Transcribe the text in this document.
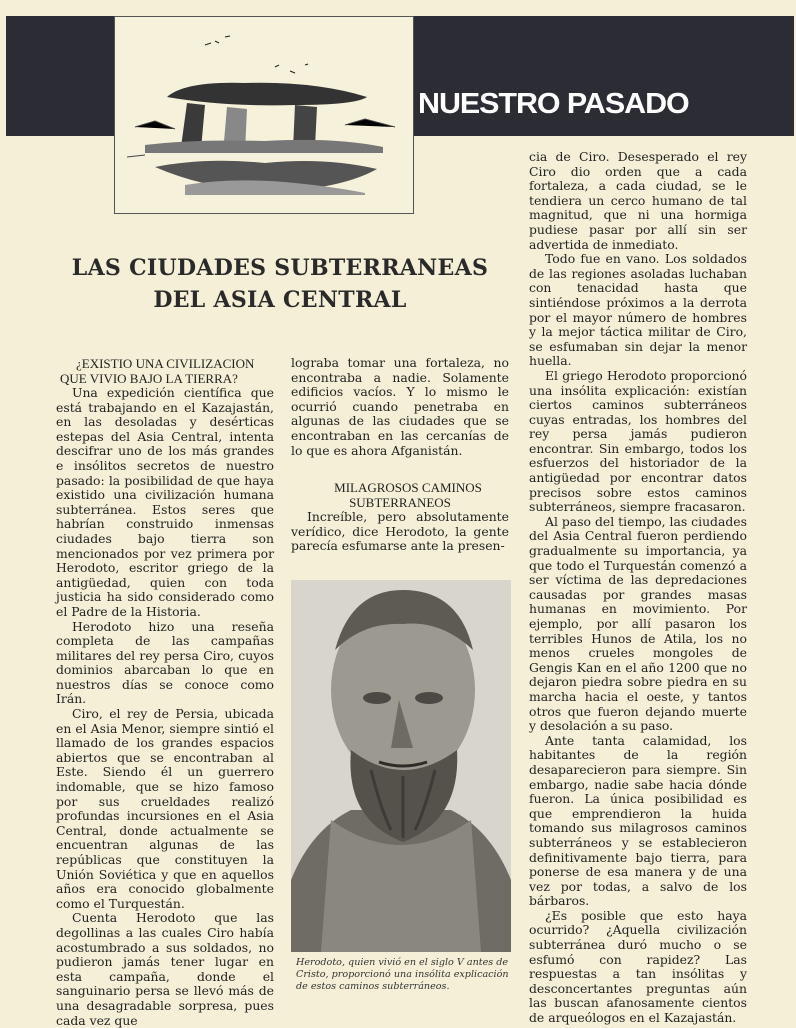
NUESTRO PASADO
LAS CIUDADES SUBTERRANEAS
DEL ASIA CENTRAL

¿EXISTIO UNA CIVILIZACION QUE VIVIO BAJO LA TIERRA?

Una expedición científica que está trabajando en el Kazajastán, en las desoladas y desérticas estepas del Asia Central, intenta descifrar uno de los más grandes e insólitos secretos de nuestro pasado: la posibilidad de que haya existido una civilización humana subterránea. Estos seres que habrían construido inmensas ciudades bajo tierra son mencionados por vez primera por Herodoto, escritor griego de la antigüedad, quien con toda justicia ha sido considerado como el Padre de la Historia.

Herodoto hizo una reseña completa de las campañas militares del rey persa Ciro, cuyos dominios abarcaban lo que en nuestros días se conoce como Irán.

Ciro, el rey de Persia, ubicada en el Asia Menor, siempre sintió el llamado de los grandes espacios abiertos que se encontraban al Este. Siendo él un guerrero indomable, que se hizo famoso por sus crueldades realizó profundas incursiones en el Asia Central, donde actualmente se encuentran algunas de las repúblicas que constituyen la Unión Soviética y que en aquellos años era conocido globalmente como el Turquestán.

Cuenta Herodoto que las degollinas a las cuales Ciro había acostumbrado a sus soldados, no pudieron jamás tener lugar en esta campaña, donde el sanguinario persa se llevó más de una desagradable sorpresa, pues cada vez que

lograba tomar una fortaleza, no encontraba a nadie. Solamente edificios vacíos. Y lo mismo le ocurrió cuando penetraba en algunas de las ciudades que se encontraban en las cercanías de lo que es ahora Afganistán.

MILAGROSOS CAMINOS SUBTERRANEOS

Increíble, pero absolutamente verídico, dice Herodoto, la gente parecía esfumarse ante la presen-

Herodoto, quien vivió en el siglo V antes de Cristo, proporcionó una insólita explicación de estos caminos subterráneos.

cia de Ciro. Desesperado el rey Ciro dio orden que a cada fortaleza, a cada ciudad, se le tendiera un cerco humano de tal magnitud, que ni una hormiga pudiese pasar por allí sin ser advertida de inmediato.

Todo fue en vano. Los soldados de las regiones asoladas luchaban con tenacidad hasta que sintiéndose próximos a la derrota por el mayor número de hombres y la mejor táctica militar de Ciro, se esfumaban sin dejar la menor huella.

El griego Herodoto proporcionó una insólita explicación: existían ciertos caminos subterráneos cuyas entradas, los hombres del rey persa jamás pudieron encontrar. Sin embargo, todos los esfuerzos del historiador de la antigüedad por encontrar datos precisos sobre estos caminos subterráneos, siempre fracasaron.

Al paso del tiempo, las ciudades del Asia Central fueron perdiendo gradualmente su importancia, ya que todo el Turquestán comenzó a ser víctima de las depredaciones causadas por grandes masas humanas en movimiento. Por ejemplo, por allí pasaron los terribles Hunos de Atila, los no menos crueles mongoles de Gengis Kan en el año 1200 que no dejaron piedra sobre piedra en su marcha hacia el oeste, y tantos otros que fueron dejando muerte y desolación a su paso.

Ante tanta calamidad, los habitantes de la región desaparecieron para siempre. Sin embargo, nadie sabe hacia dónde fueron. La única posibilidad es que emprendieron la huida tomando sus milagrosos caminos subterráneos y se establecieron definitivamente bajo tierra, para ponerse de esa manera y de una vez por todas, a salvo de los bárbaros.

¿Es posible que esto haya ocurrido? ¿Aquella civilización subterránea duró mucho o se esfumó con rapidez? Las respuestas a tan insólitas y desconcertantes preguntas aún las buscan afanosamente cientos de arqueólogos en el Kazajastán.
